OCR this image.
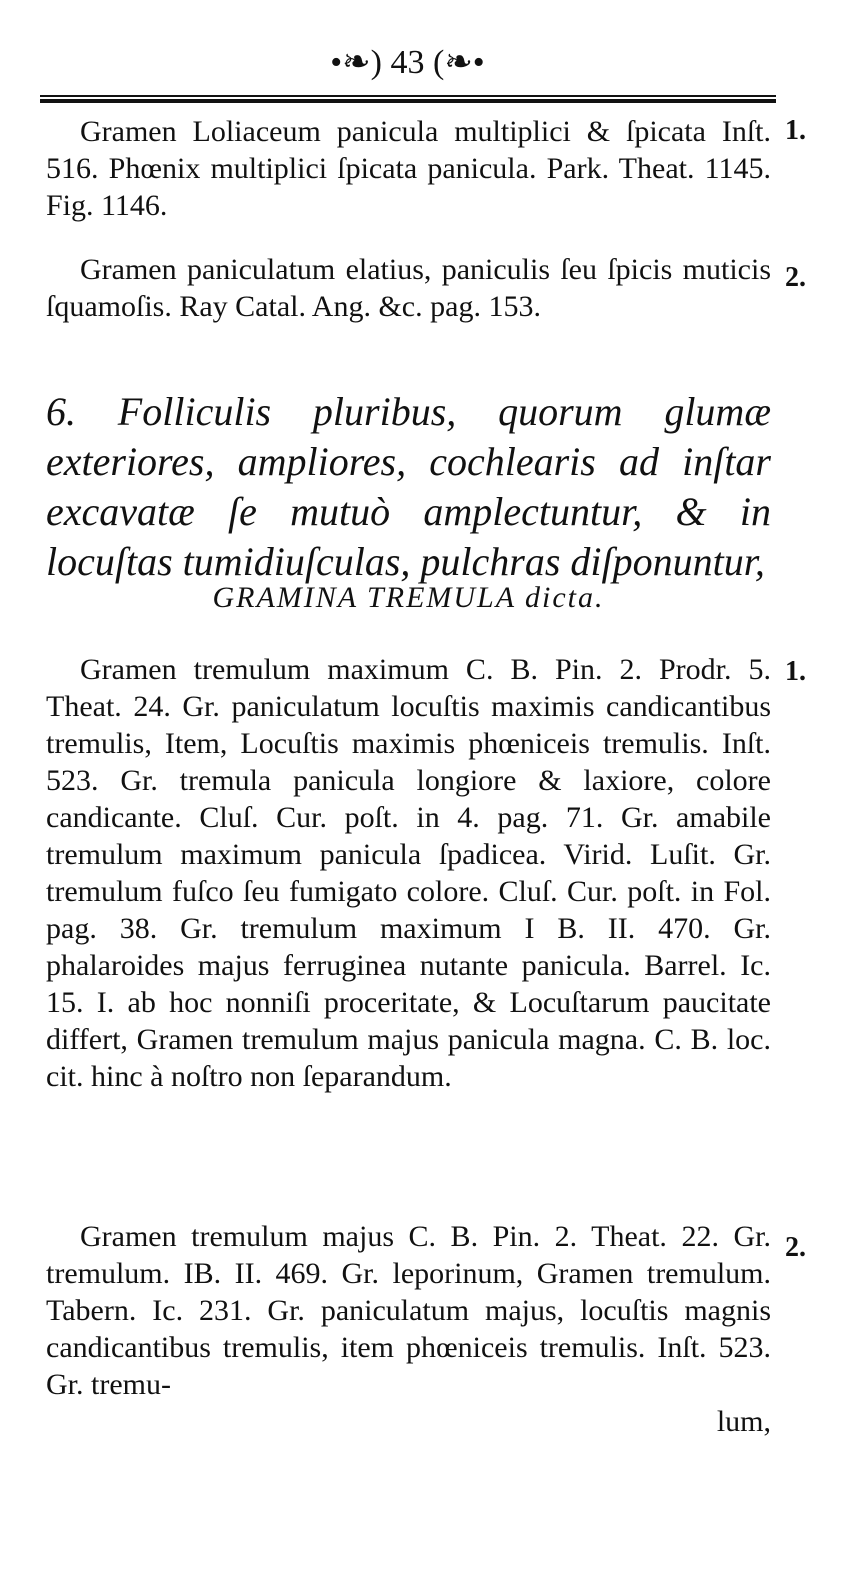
•❧) 43 (❧•

Gramen Loliaceum panicula multiplici & ſpicata Inſt. 516. Phœnix multiplici ſpicata panicula. Park. Theat. 1145. Fig. 1146.

1.

Gramen paniculatum elatius, paniculis ſeu ſpicis muticis ſquamoſis. Ray Catal. Ang. &c. pag. 153.

2.

6. Folliculis pluribus, quorum glumæ exteriores, ampliores, cochlearis ad inſtar excavatæ ſe mutuò amplectuntur, & in locuſtas tumidiuſculas, pulchras diſponuntur,

GRAMINA TREMULA dicta.

Gramen tremulum maximum C. B. Pin. 2. Prodr. 5. Theat. 24. Gr. paniculatum locuſtis maximis candicantibus tremulis, Item, Locuſtis maximis phœniceis tremulis. Inſt. 523. Gr. tremula panicula longiore & laxiore, colore candicante. Cluſ. Cur. poſt. in 4. pag. 71. Gr. amabile tremulum maximum panicula ſpadicea. Virid. Luſit. Gr. tremulum fuſco ſeu fumigato colore. Cluſ. Cur. poſt. in Fol. pag. 38. Gr. tremulum maximum I B. II. 470. Gr. phalaroides majus ferruginea nutante panicula. Barrel. Ic. 15. I. ab hoc nonniſi proceritate, & Locuſtarum paucitate differt, Gramen tremulum majus panicula magna. C. B. loc. cit. hinc à noſtro non ſeparandum.

1.

Gramen tremulum majus C. B. Pin. 2. Theat. 22. Gr. tremulum. IB. II. 469. Gr. leporinum, Gramen tremulum. Tabern. Ic. 231. Gr. paniculatum majus, locuſtis magnis candicantibus tremulis, item phœniceis tremulis. Inſt. 523. Gr. tremu-

lum,
2.
